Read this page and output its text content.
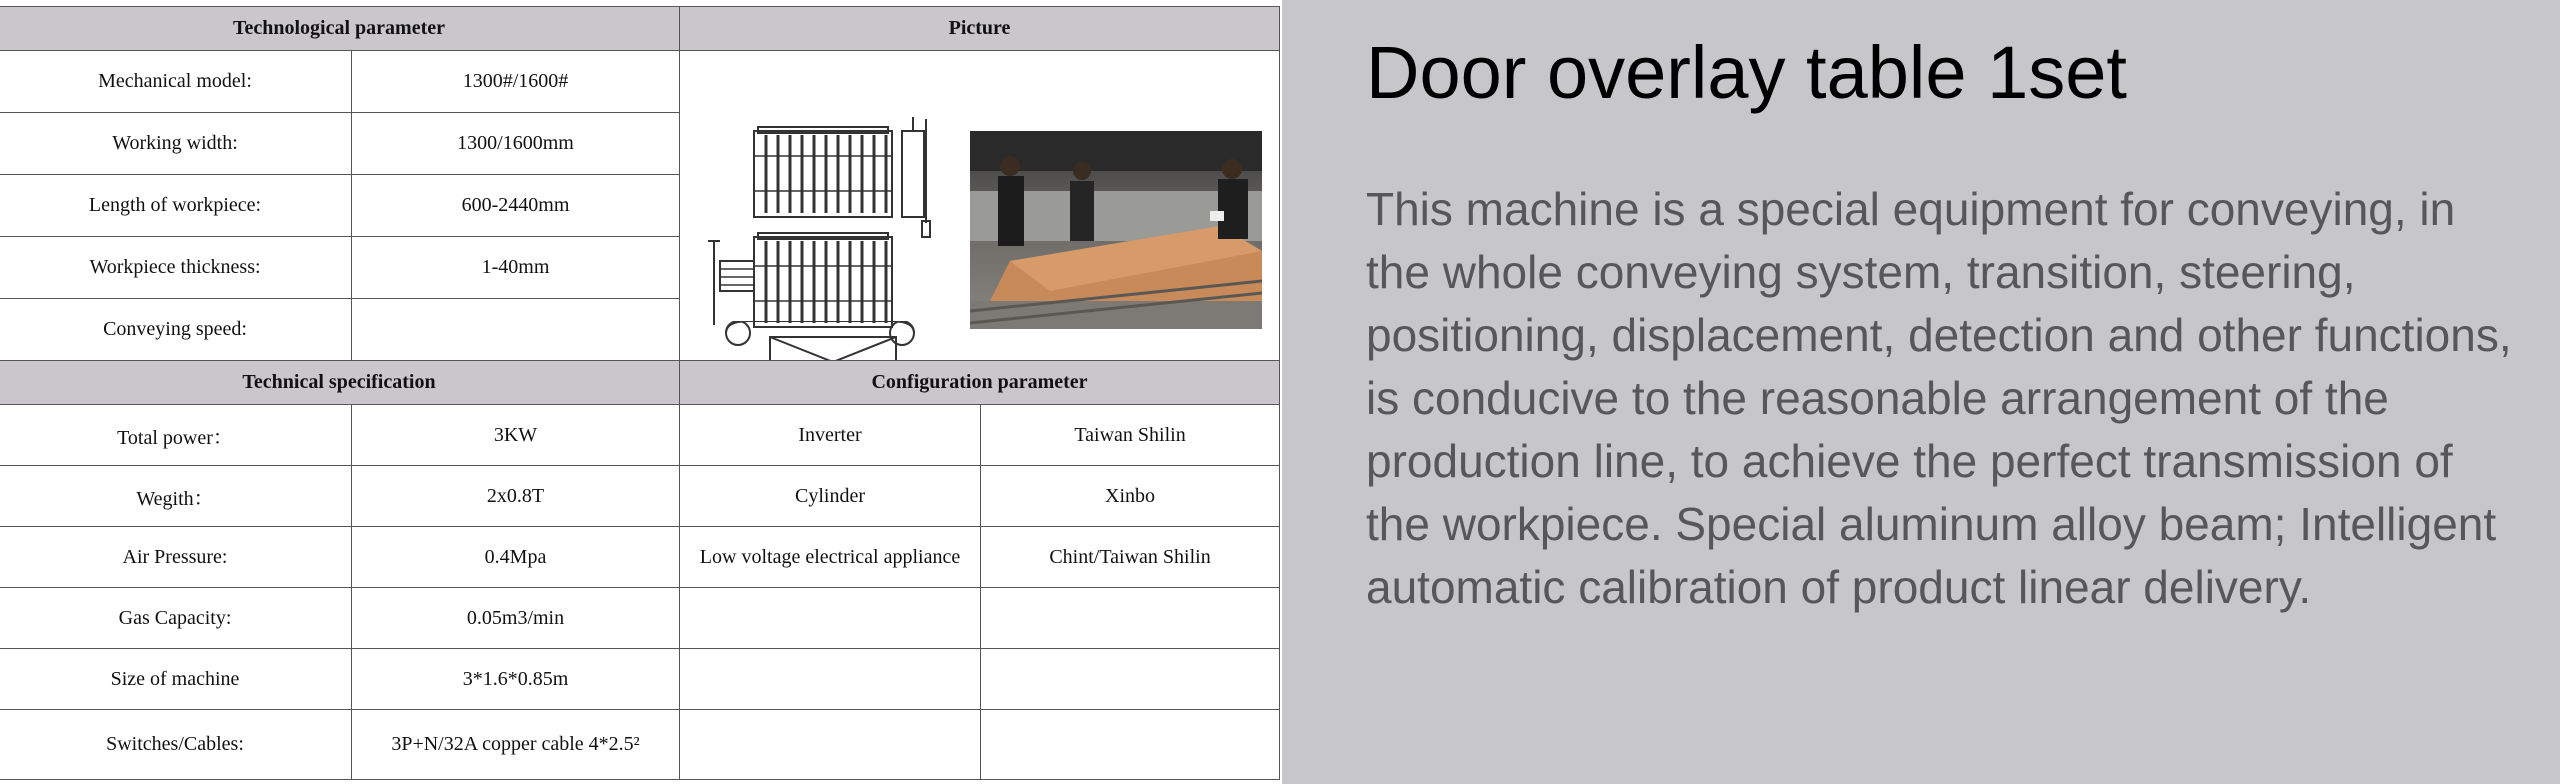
Technological parameter		Picture	
Mechanical model:	1300#/1600#	

Working width:	1300/1600mm		
Length of workpiece:	600-2440mm		
Workpiece thickness:	1-40mm		
Conveying speed:			
Technical specification		Configuration parameter	
Total power：	3KW	Inverter	Taiwan Shilin
Wegith：	2x0.8T	Cylinder	Xinbo
Air Pressure:	0.4Mpa	Low voltage electrical appliance	Chint/Taiwan Shilin
Gas Capacity:	0.05m3/min		
Size of machine	3*1.6*0.85m		
Switches/Cables:	3P+N/32A copper cable 4*2.5²		
Door overlay table 1set

This machine is a special equipment for conveying, in the whole conveying system, transition, steering, positioning, displacement, detection and other functions, is conducive to the reasonable arrangement of the production line, to achieve the perfect transmission of the workpiece. Special aluminum alloy beam; Intelligent automatic calibration of product linear delivery.
